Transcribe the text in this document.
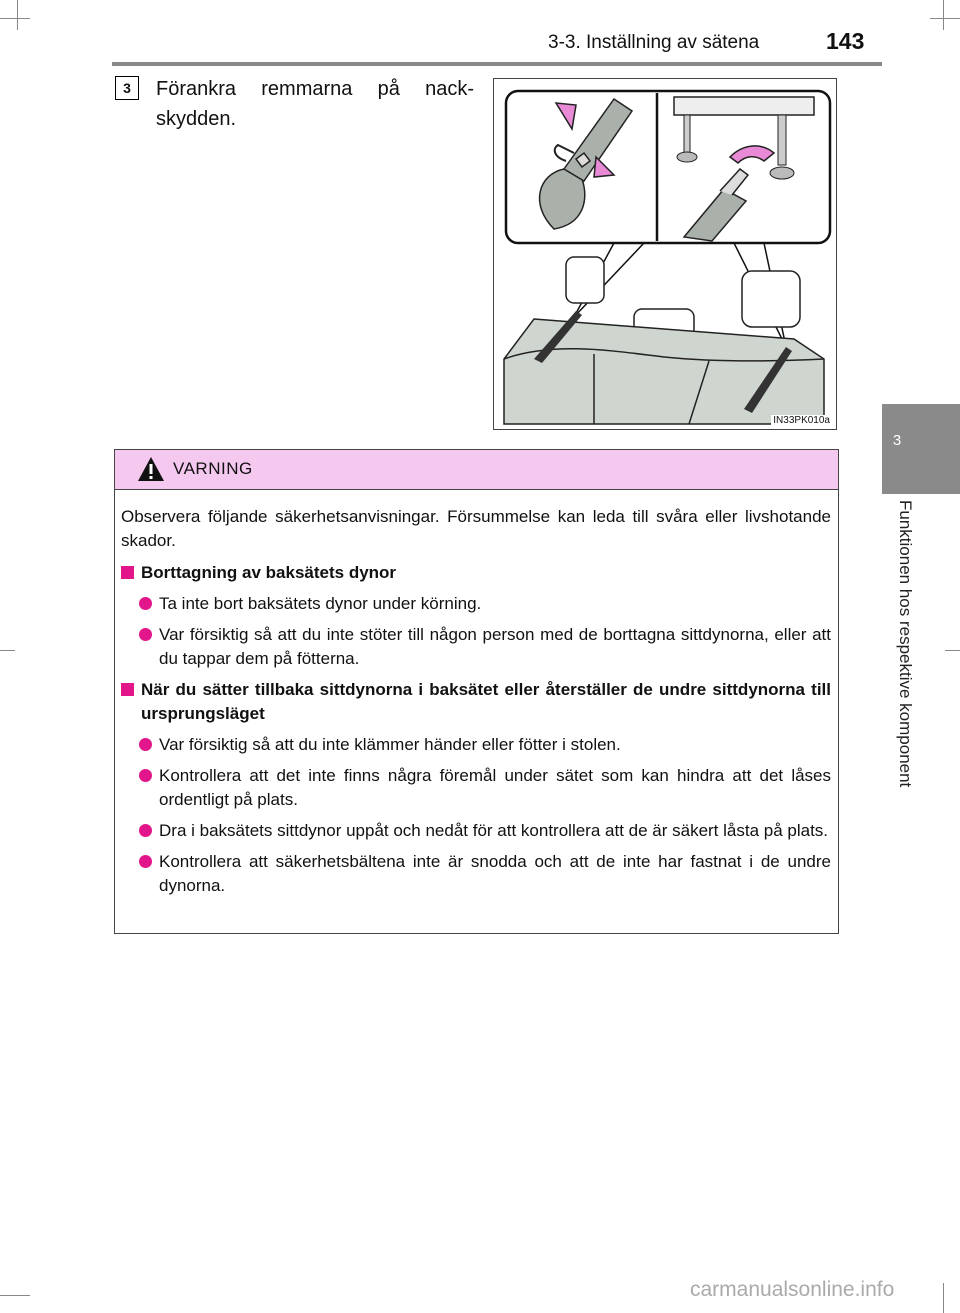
3-3. Inställning av sätena	143
3
Funktionen hos respektive komponent
3	Förankra remmarna på nack-
skydden.
IN33PK010a
VARNING

Observera följande säkerhetsanvisningar. Försummelse kan leda till svåra eller livshotande skador.

Borttagning av baksätets dynor
Ta inte bort baksätets dynor under körning.
Var försiktig så att du inte stöter till någon person med de borttagna sittdynorna, eller att du tappar dem på fötterna.
När du sätter tillbaka sittdynorna i baksätet eller återställer de undre sittdynorna till ursprungsläget
Var försiktig så att du inte klämmer händer eller fötter i stolen.
Kontrollera att det inte finns några föremål under sätet som kan hindra att det låses ordentligt på plats.
Dra i baksätets sittdynor uppåt och nedåt för att kontrollera att de är säkert låsta på plats.
Kontrollera att säkerhetsbältena inte är snodda och att de inte har fastnat i de undre dynorna.
carmanualsonline.info
